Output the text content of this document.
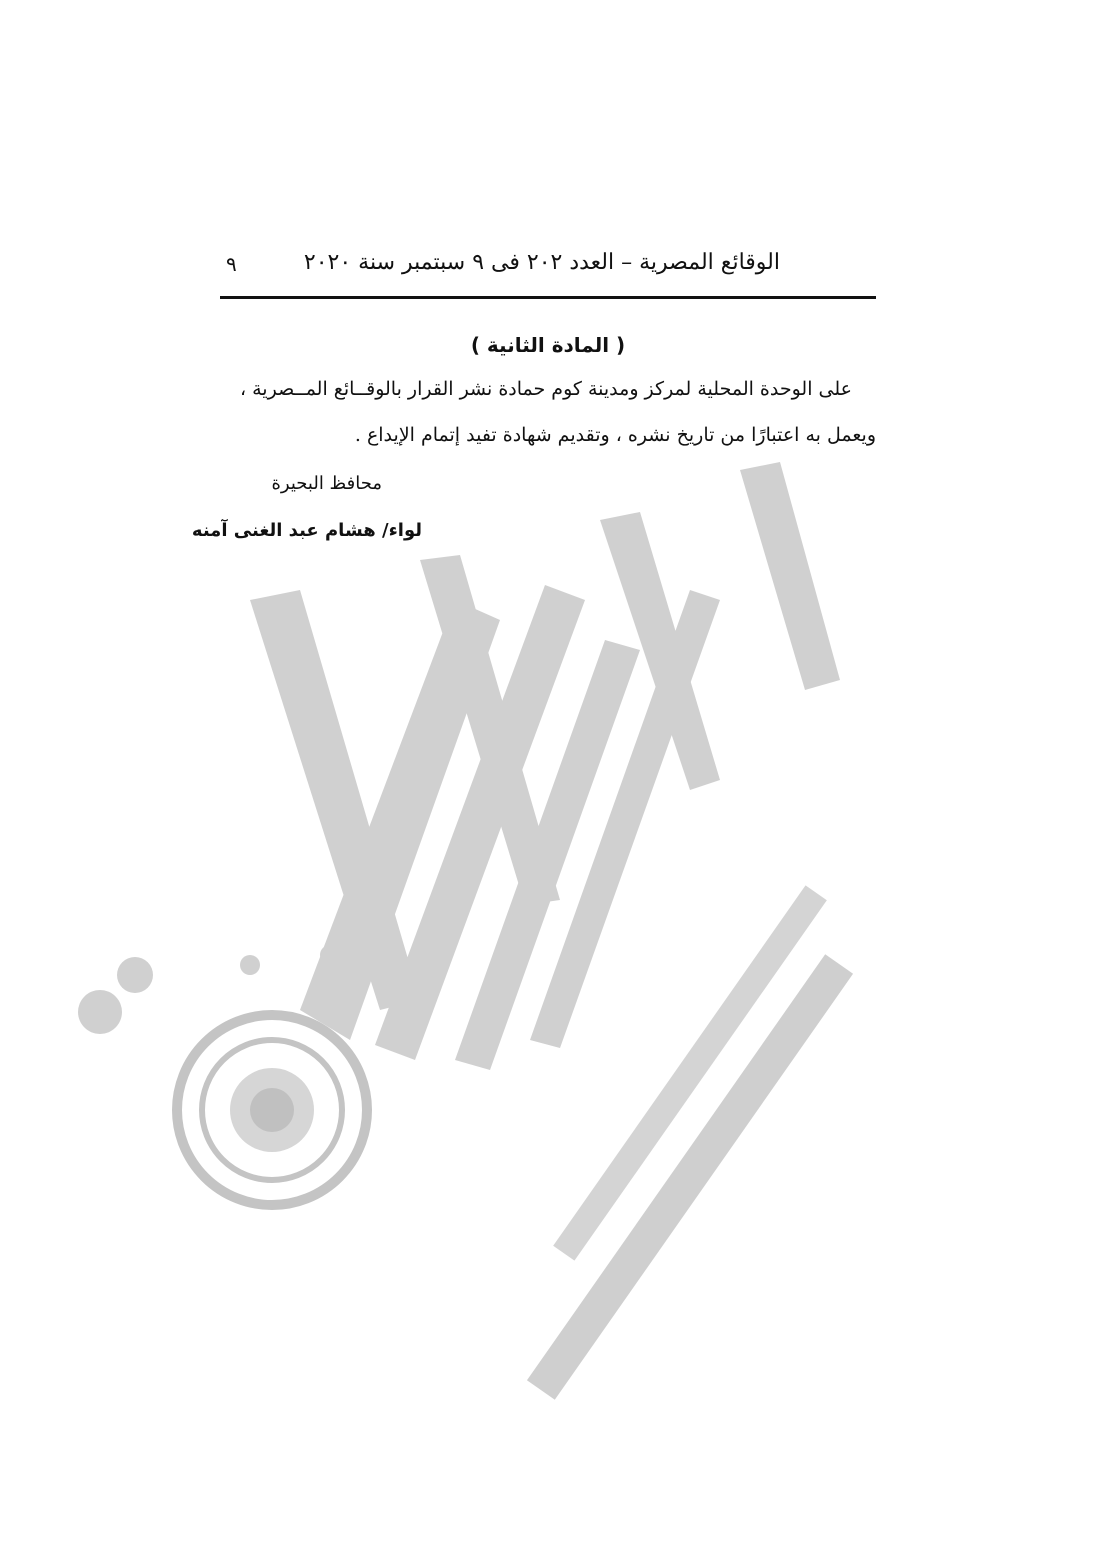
الوقائع المصرية – العدد ٢٠٢ فى ٩ سبتمبر سنة ٢٠٢٠
٩
( المادة الثانية )
على الوحدة المحلية لمركز ومدينة كوم حمادة نشر القرار بالوقــائع المــصرية ،
ويعمل به اعتبارًا من تاريخ نشره ، وتقديم شهادة تفيد إتمام الإيداع .
محافظ البحيرة
لواء/ هشام عبد الغنى آمنه
